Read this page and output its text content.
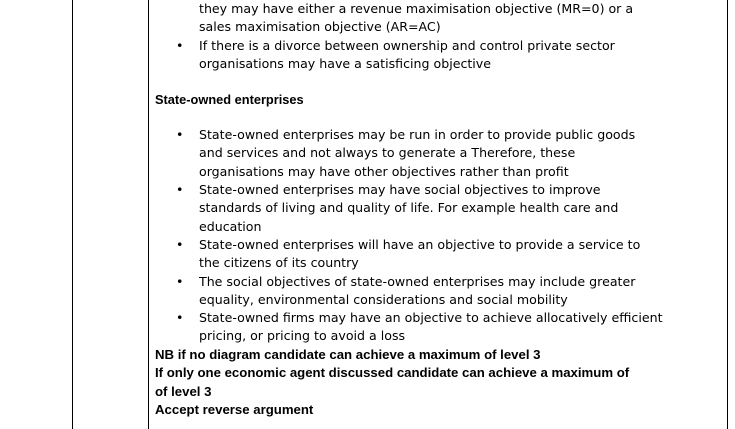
they may have either a revenue maximisation objective (MR=0) or a
sales maximisation objective (AR=AC)
• If there is a divorce between ownership and control private sector
organisations may have a satisficing objective
State-owned enterprises
• State-owned enterprises may be run in order to provide public goods
and services and not always to generate a Therefore, these
organisations may have other objectives rather than profit
• State-owned enterprises may have social objectives to improve
standards of living and quality of life. For example health care and
education
• State-owned enterprises will have an objective to provide a service to
the citizens of its country
• The social objectives of state-owned enterprises may include greater
equality, environmental considerations and social mobility
• State-owned firms may have an objective to achieve allocatively efficient
pricing, or pricing to avoid a loss
NB if no diagram candidate can achieve a maximum of level 3
If only one economic agent discussed candidate can achieve a maximum of
of level 3
Accept reverse argument
